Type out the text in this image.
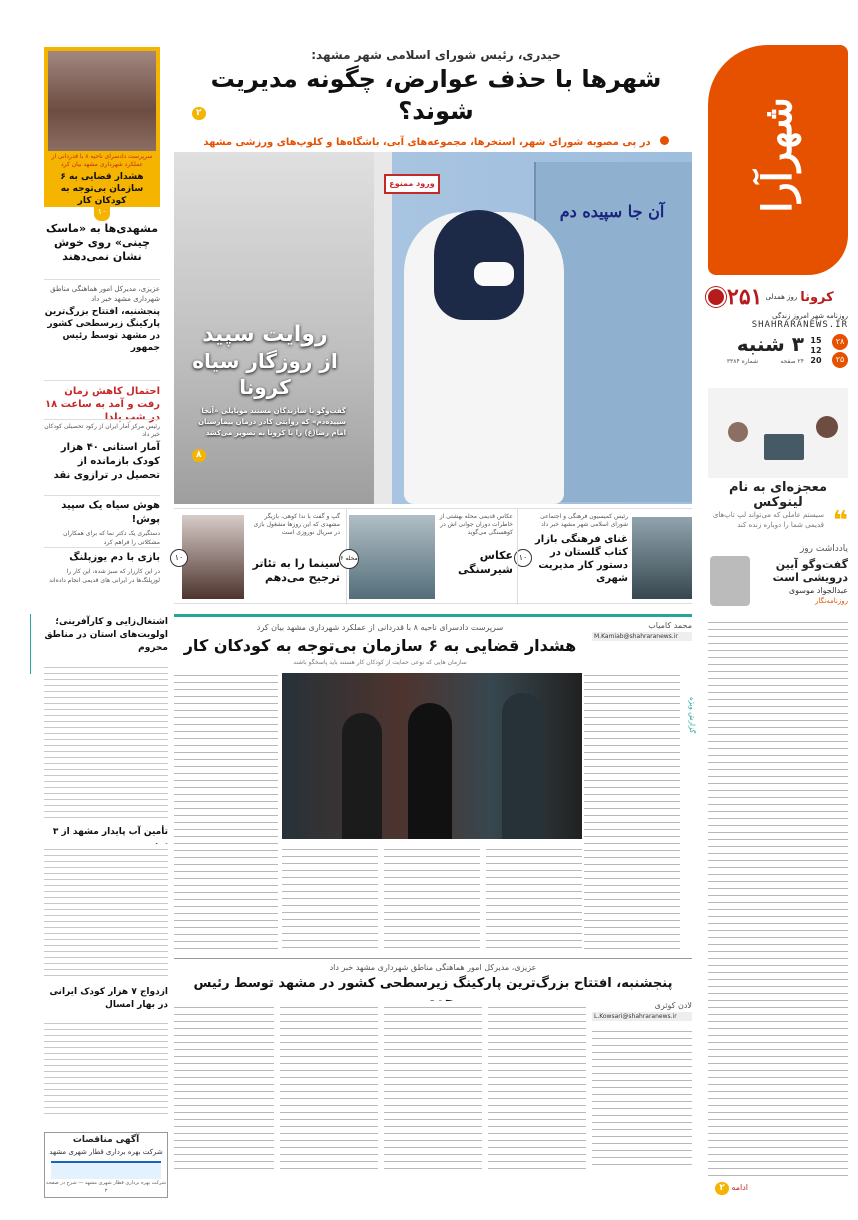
شهرآرا
کرونا
روز همدلی
۲۵۱
روزنامه شهر امروز زندگی
SHAHRARANEWS.IR
۲۸
۲۵
15 12 20
۳ شنبه
۲۴ صفحه
شماره ۳۳۸۴
معجزه‌ای به نام لینوکس
❝
سیستم عاملی که می‌تواند لپ تاپ‌های قدیمی شما را دوباره زنده کند
یادداشت روز
گفت‌وگو آیین درویشی است
عبدالجواد موسوی
روزنامه‌نگار
سرپرست دادسرای ناحیه ۸ با قدردانی از عملکرد شهرداری مشهد بیان کرد
هشدار قضایی به ۶ سازمان بی‌توجه به کودکان کار
۱۰
مشهدی‌ها به «ماسک چینی» روی خوش نشان نمی‌دهند
عزیزی، مدیرکل امور هماهنگی مناطق شهرداری مشهد خبر داد
پنجشنبه، افتتاح بزرگ‌ترین پارکینگ زیرسطحی کشور در مشهد توسط رئیس جمهور
احتمال کاهش زمان رفت و آمد به ساعت ۱۸ در شب یلدا
رئیس مرکز آمار ایران از رکود تحصیلی کودکان خبر داد
آمار استانی ۴۰ هزار کودک بازمانده از تحصیل در ترازوی نقد
هوش سیاه یک سپید پوش!
دستگیری یک دکتر نما که برای همکاران مشکلاتی را فراهم کرد
بازی با دم یوزپلنگ
در این کارزار که سبز شده، این کار را لوزپلنگ‌ها در ایرانی های قدیمی انجام داده‌اند
حیدری، رئیس شورای اسلامی شهر مشهد:
شهرها با حذف عوارض، چگونه مدیریت شوند؟
در پی مصوبه شورای شهر، استخرها، مجموعه‌های آبی، باشگاه‌ها و کلوپ‌های ورزشی مشهد
۲
ورود ممنوع
آن جا سپیده دم
روایت سپید
از روزگار سیاه کرونا
گفت‌وگو با سازندگان مستند موبایلی «آنجا سپیده‌دم» که روایتی کادر درمان بیمارستان امام رضا(ع) را با کرونا به تصویر می‌کشد
۸
رئیس کمیسیون فرهنگی و اجتماعی شورای اسلامی شهر مشهد خبر داد
غنای فرهنگی بازار کتاب گلستان در دستور کار مدیریت شهری
۱۰
عکاس قدیمی محله بهشتی از خاطرات دوران جوانی اش در کوهسنگی می‌گوید
عکاس شیرسنگی
محله ۶
گپ و گفت با ندا کوهی، بازیگر مشهدی که این روزها مشغول بازی در سریال نوروزی است
سینما را به تئاتر ترجیح می‌دهم
۱۰
اشتغال‌زایی و کارآفرینی؛ اولویت‌های استان در مناطق محروم
تأمین آب پایدار مشهد از ۳
ازدواج ۷ هزار کودک ایرانی در بهار امسال
آگهی مناقصات
شرکت بهره برداری قطار شهری مشهد
شرکت بهره برداری قطار شهری مشهد — شرح در صفحه ۳
محمد کامیاب
M.Kamiab@shahraranews.ir
گزارش ویژه
سرپرست دادسرای ناحیه ۸ با قدردانی از عملکرد شهرداری مشهد بیان کرد
هشدار قضایی به ۶ سازمان بی‌توجه به کودکان کار
سازمان هایی که نوعی حمایت از کودکان کار هستند باید پاسخگو باشند
ادامه ۲
عزیزی، مدیرکل امور هماهنگی مناطق شهرداری مشهد خبر داد
پنجشنبه، افتتاح بزرگ‌ترین پارکینگ زیرسطحی کشور در مشهد توسط رئیس
لادن کوثری
L.Kowsari@shahraranews.ir
